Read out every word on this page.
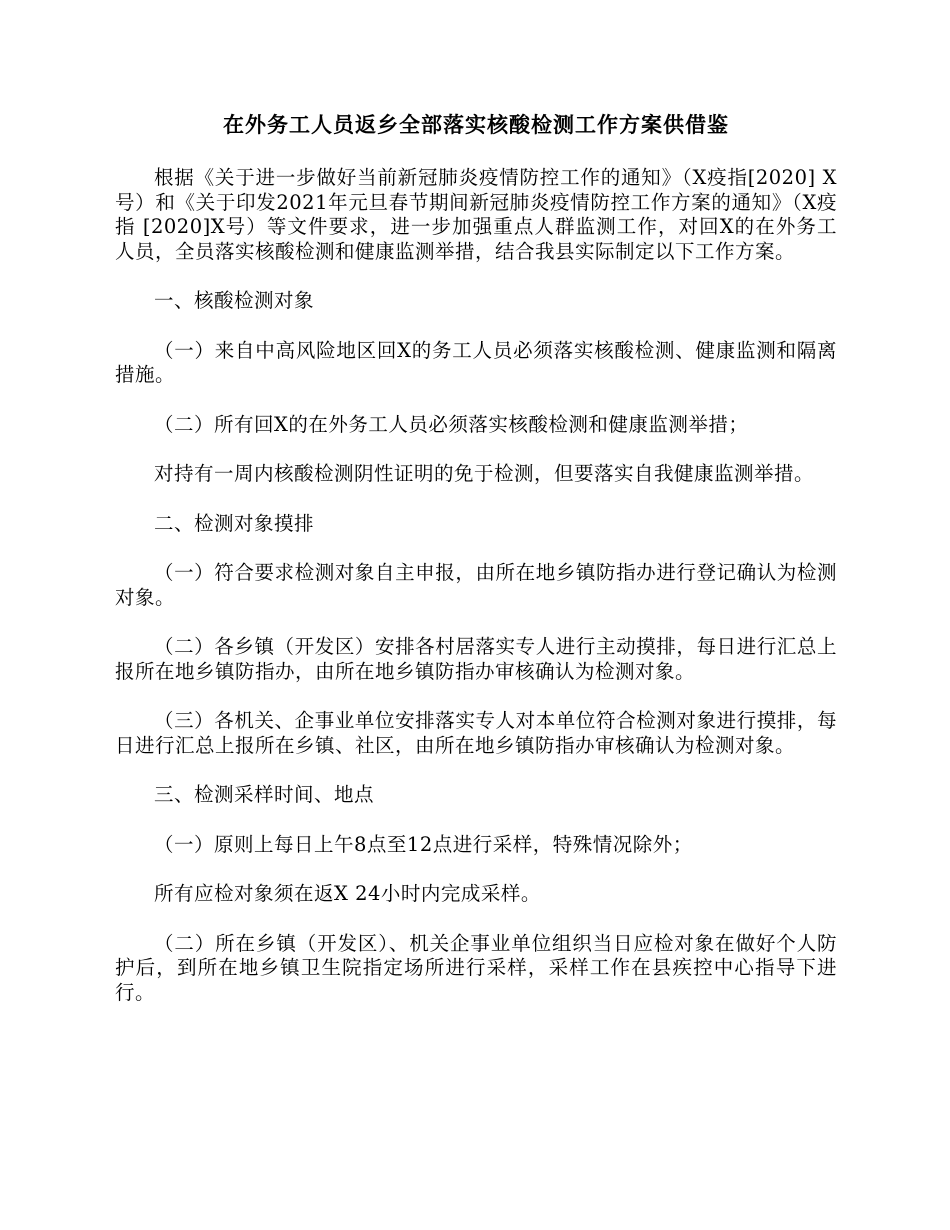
在外务工人员返乡全部落实核酸检测工作方案供借鉴

根据《关于进一步做好当前新冠肺炎疫情防控工作的通知》（X疫指[2020] X号）和《关于印发2021年元旦春节期间新冠肺炎疫情防控工作方案的通知》（X疫指 [2020]X号）等文件要求，进一步加强重点人群监测工作，对回X的在外务工人员，全员落实核酸检测和健康监测举措，结合我县实际制定以下工作方案。

一、核酸检测对象

（一）来自中高风险地区回X的务工人员必须落实核酸检测、健康监测和隔离措施。

（二）所有回X的在外务工人员必须落实核酸检测和健康监测举措；

对持有一周内核酸检测阴性证明的免于检测，但要落实自我健康监测举措。

二、检测对象摸排

（一）符合要求检测对象自主申报，由所在地乡镇防指办进行登记确认为检测对象。

（二）各乡镇（开发区）安排各村居落实专人进行主动摸排，每日进行汇总上报所在地乡镇防指办，由所在地乡镇防指办审核确认为检测对象。

（三）各机关、企事业单位安排落实专人对本单位符合检测对象进行摸排，每日进行汇总上报所在乡镇、社区，由所在地乡镇防指办审核确认为检测对象。

三、检测采样时间、地点

（一）原则上每日上午8点至12点进行采样，特殊情况除外；

所有应检对象须在返X 24小时内完成采样。

（二）所在乡镇（开发区）、机关企事业单位组织当日应检对象在做好个人防护后，到所在地乡镇卫生院指定场所进行采样，采样工作在县疾控中心指导下进行。
